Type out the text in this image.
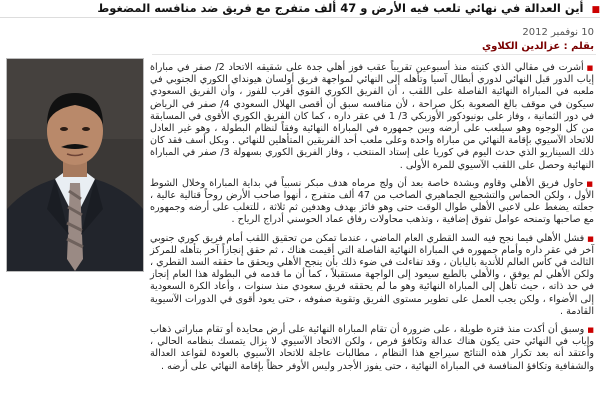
■ أين العدالة في نهائي تلعب فيه الأرض و 47 ألف متفرج مع فريق ضد منافسه المضغوط
10 نوفمبر 2012
بقلم : عزالدين الكلاوي

■أشرت في مقالي الذي كتبته منذ أسبوعين تقريباً عقب فوز أهلي جدة على شقيقه الاتحاد 2/ صفر في مباراة إياب الدور قبل النهائي لدوري أبطال آسيا وتأهله إلى النهائي لمواجهة فريق أولسان هيونداي الكوري الجنوبي في ملعبه في المباراة النهائية الفاصلة على اللقب ، أن الفريق الكوري القوي أقرب للفوز ، وأن الفريق السعودي سيكون في موقف بالغ الصعوبة بكل صراحة ، لأن منافسه سبق أن أقصى الهلال السعودي 4/ صفر في الرياض في دور الثمانية ، وفاز على بونيودكور الأوزبكي 3/ 1 في عقر داره ، كما كان الفريق الكوري الأقوى في المسابقة من كل الوجوه وهو سيلعب على أرضه وبين جمهوره في المباراة النهائية وفقاً لنظام البطولة ، وهو غير العادل للاتحاد الآسيوي بإقامة النهائي من مباراة واحدة وعلى ملعب أحد الفريقين المتأهلين للنهائي . وبكل أسف فقد كان ذلك السيناريو الذي حدث اليوم في كوريا على إستاد المنتخب ، وفاز الفريق الكوري بسهولة 3/ صفر في المباراة النهائية وحصل على اللقب الآسيوي للمرة الأولى .

■حاول فريق الأهلي وقاوم وبشدة خاصة بعد أن ولج مرماه هدف مبكر نسبياً في بداية المباراة وخلال الشوط الأول ، ولكن الحماس والتشجيع الجماهيري الصاخب من 47 ألف متفرج ، أنهوا صاحب الأرض روحاً قتالية عالية ، جعلته يضغط على لاعبي الأهلي طوال الوقت حتى وهو فائز بهدف وهدفين ثم ثلاثة ، للتغلب على أرضه وجمهوره مع صاحبها وتمنحه عوامل تفوق إضافية ، وتذهب محاولات رفاق عماد الحوسني أدراج الرياح .

■فشل الأهلي فيما نجح فيه السد القطري العام الماضي ، عندما تمكن من تحقيق اللقب أمام فريق كوري جنوبي آخر في عقر داره وأمام جمهوره في المباراة النهائية الفاصلة التي أقيمت هناك ، ثم حقق إنجازاً آخر بتأهله للمركز الثالث في كأس العالم للأندية باليابان ، وقد تفاءلت في ضوء ذلك بأن ينجح الأهلي ويحقق ما حققه السد القطري ، ولكن الأهلي لم يوفق ، والأهلي بالطبع سيعود إلى الواجهة مستقبلاً ، كما أن ما قدمه في البطولة هذا العام إنجاز في حد ذاته ، حيث تأهل إلى المباراة النهائية وهو ما لم يحققه فريق سعودي منذ سنوات ، وأعاد الكرة السعودية إلى الأضواء ، ولكن يجب العمل على تطوير مستوى الفريق وتقوية صفوفه ، حتى يعود أقوى في الدورات الآسيوية القادمة .

■وسبق أن أكدت منذ فترة طويلة ، على ضرورة أن تقام المباراة النهائية على أرض محايدة أو تقام مباراتي ذهاب وإياب في النهائي حتى يكون هناك عدالة وتكافؤ فرص ، ولكن الاتحاد الآسيوي لا يزال يتمسك بنظامه الحالي ، وأعتقد أنه بعد تكرار هذه النتائج سيراجع هذا النظام ، مطالبات عاجلة للاتحاد الآسيوي بالعودة لقواعد العدالة والشفافية وتكافؤ المنافسة في المباراة النهائية ، حتى يفوز الأجدر وليس الأوفر حظاً بإقامة النهائي على أرضه .
